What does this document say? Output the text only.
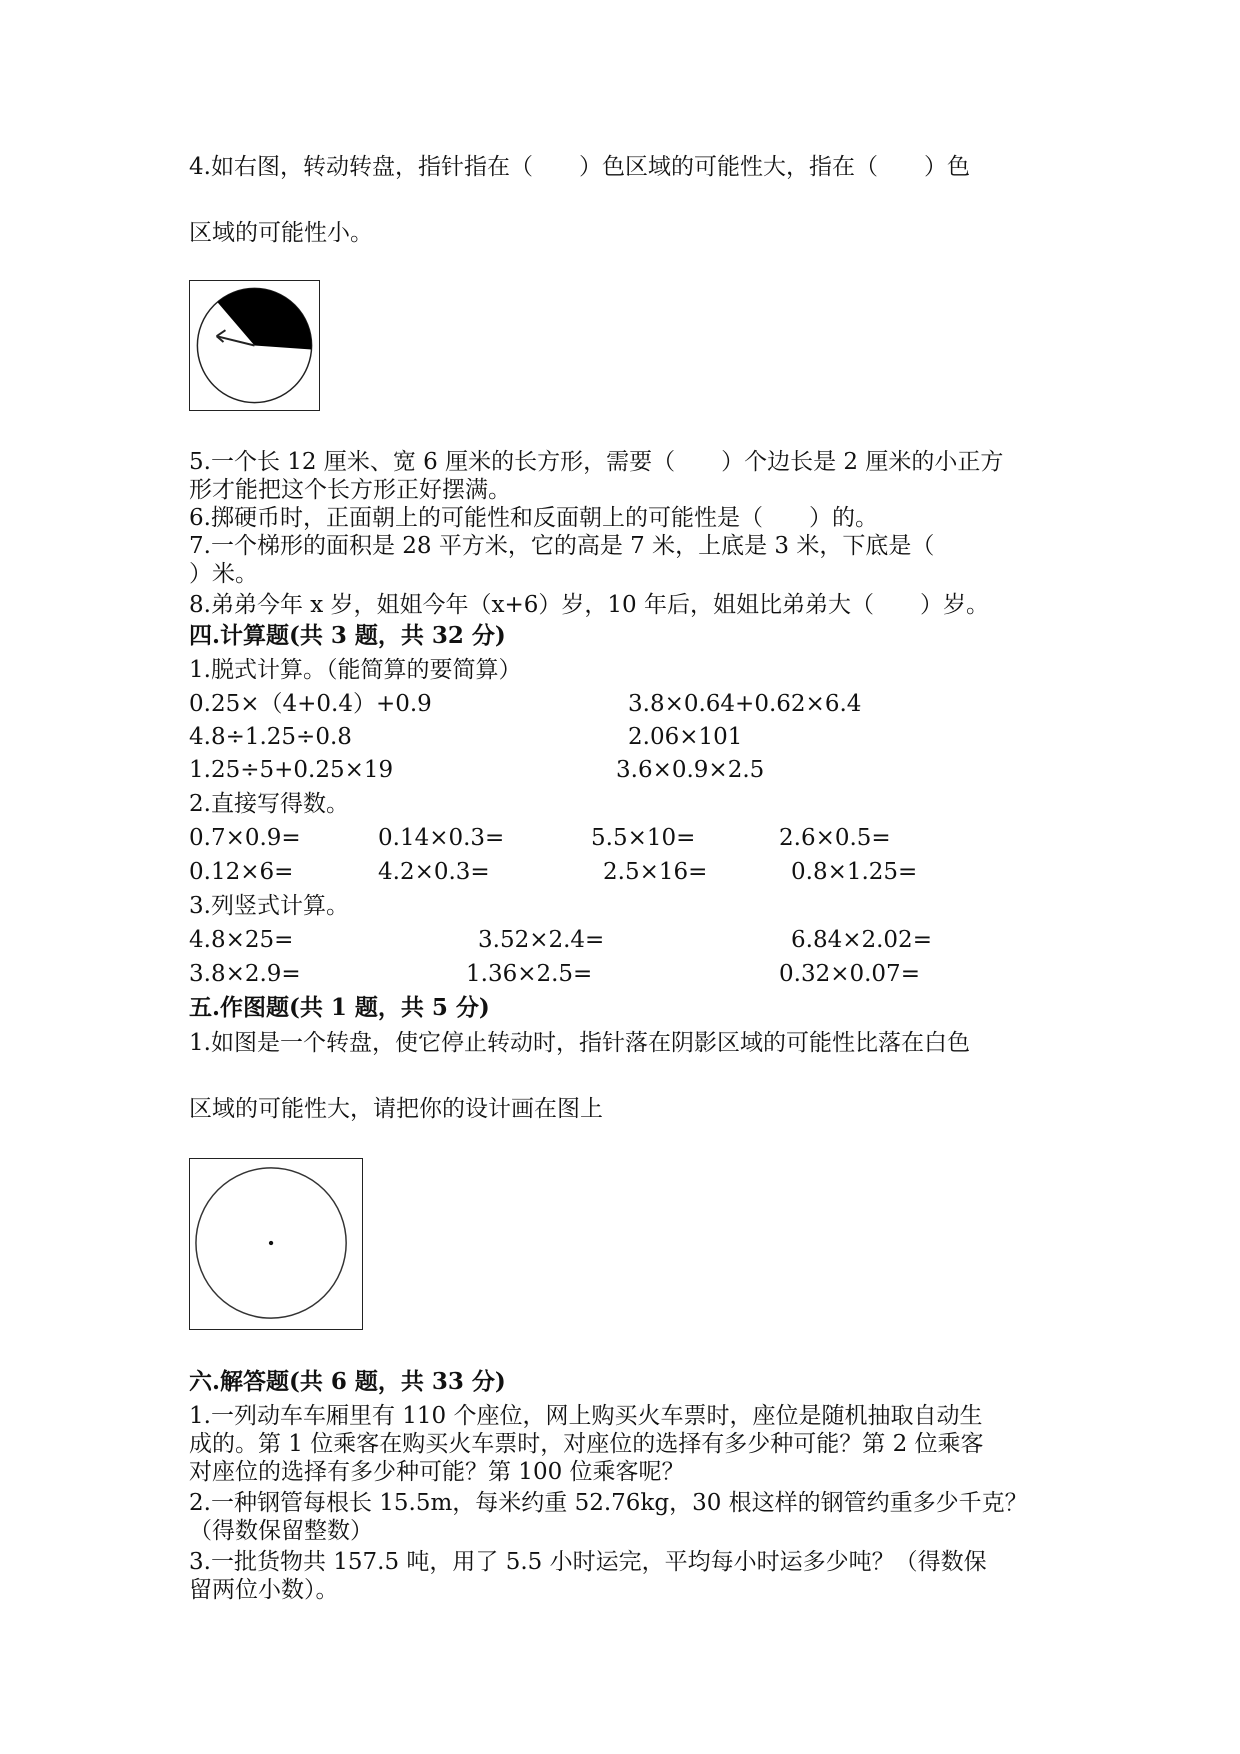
4.如右图，转动转盘，指针指在（　　）色区域的可能性大，指在（　　）色

区域的可能性小。

5.一个长 12 厘米、宽 6 厘米的长方形，需要（　　）个边长是 2 厘米的小正方

形才能把这个长方形正好摆满。

6.掷硬币时，正面朝上的可能性和反面朝上的可能性是（　　）的。

7.一个梯形的面积是 28 平方米，它的高是 7 米，上底是 3 米，下底是（

）米。

8.弟弟今年 x 岁，姐姐今年（x+6）岁，10 年后，姐姐比弟弟大（　　）岁。

四.计算题(共 3 题，共 32 分)

1.脱式计算。（能简算的要简算）

0.25×（4+0.4）+0.9	3.8×0.64+0.62×6.4

4.8÷1.25÷0.8	2.06×101

1.25÷5+0.25×19	3.6×0.9×2.5

2.直接写得数。

0.7×0.9=	0.14×0.3=	5.5×10=	2.6×0.5=

0.12×6=	4.2×0.3=	2.5×16=	0.8×1.25=

3.列竖式计算。

4.8×25=	3.52×2.4=	6.84×2.02=

3.8×2.9=	1.36×2.5=	0.32×0.07=

五.作图题(共 1 题，共 5 分)

1.如图是一个转盘，使它停止转动时，指针落在阴影区域的可能性比落在白色

区域的可能性大，请把你的设计画在图上

六.解答题(共 6 题，共 33 分)

1.一列动车车厢里有 110 个座位，网上购买火车票时，座位是随机抽取自动生

成的。第 1 位乘客在购买火车票时，对座位的选择有多少种可能？第 2 位乘客

对座位的选择有多少种可能？第 100 位乘客呢？

2.一种钢管每根长 15.5m，每米约重 52.76kg，30 根这样的钢管约重多少千克？

（得数保留整数）

3.一批货物共 157.5 吨，用了 5.5 小时运完，平均每小时运多少吨？（得数保

留两位小数）。
